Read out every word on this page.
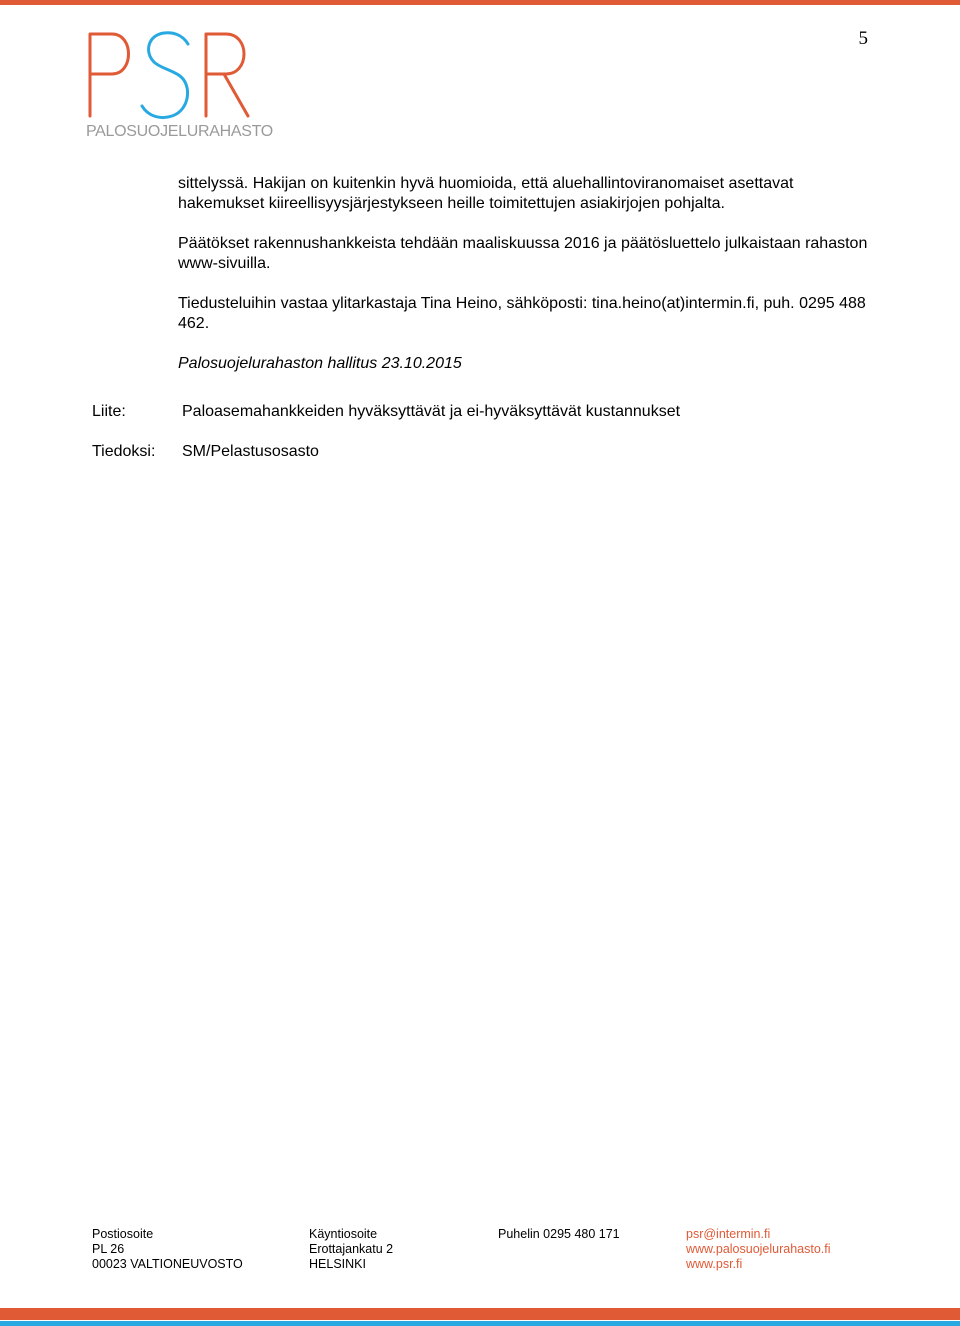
5
PALOSUOJELURAHASTO

sittelyssä. Hakijan on kuitenkin hyvä huomioida, että aluehallintoviranomaiset asettavat hakemukset kiireellisyysjärjestykseen heille toimitettujen asiakirjojen pohjalta.

Päätökset rakennushankkeista tehdään maaliskuussa 2016 ja päätösluettelo julkaistaan rahaston www-sivuilla.

Tiedusteluihin vastaa ylitarkastaja Tina Heino, sähköposti: tina.heino(at)intermin.fi, puh. 0295 488 462.

Palosuojelurahaston hallitus 23.10.2015

Liite:	Paloasemahankkeiden hyväksyttävät ja ei-hyväksyttävät kustannukset
Tiedoksi: SM/Pelastusosasto
Postiosoite
PL 26
00023 VALTIONEUVOSTO
Käyntiosoite
Erottajankatu 2
HELSINKI
Puhelin 0295 480 171	psr@intermin.fi
www.palosuojelurahasto.fi
www.psr.fi
